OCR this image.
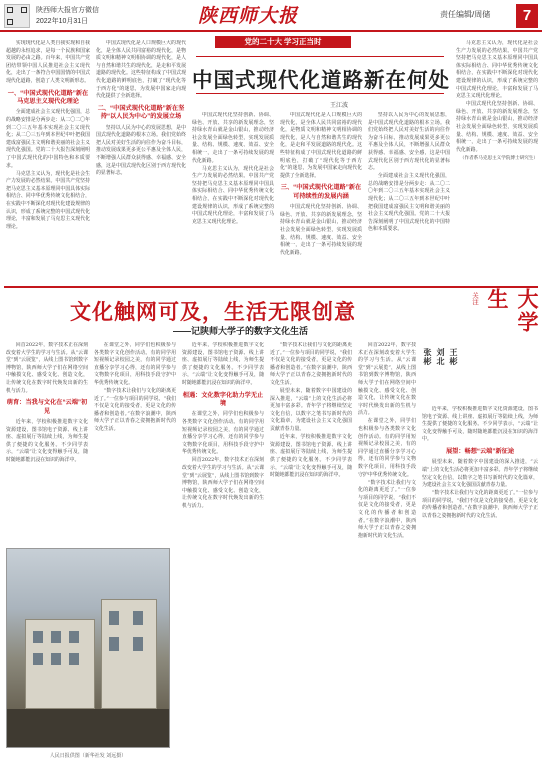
陕西师大报官方微信
2022年10月31日	陕西师大报	责任编辑/周储	7
党的二十大 学习正当时
中国式现代化道路新在何处
王江波

实现现代化是人类自我实现和自我超越的永恒追求，是每一个民族和国家发展的必由之路。百年来，中国共产党团结带领中国人民推进社会主义现代化，走出了一条符合中国国情的中国式现代化道路，创造了人类文明新形态。

一、“中国式现代化道路”新在马克思主义现代化理论

全面建成社会主义现代化强国，总的战略安排是分两步走：从二〇二〇年到二〇三五年基本实现社会主义现代化；从二〇三五年到本世纪中叶把我国建成富强民主文明和谐美丽的社会主义现代化强国。党的二十大报告深刻阐明了中国式现代化的中国特色和本质要求。

马克思主义认为，现代化是社会生产力发展的必然结果。中国共产党坚持把马克思主义基本原理同中国具体实际相结合、同中华优秀传统文化相结合，在实践中不断深化对现代化建设规律的认识，形成了系统完整的中国式现代化理论，丰富和发展了马克思主义现代化理论。

中国式现代化是人口规模巨大的现代化，是全体人民共同富裕的现代化，是物质文明和精神文明相协调的现代化，是人与自然和谐共生的现代化，是走和平发展道路的现代化。这些特征构成了中国式现代化道路的鲜明底色，打破了“现代化等于西方化”的迷思，为发展中国家走向现代化提供了全新选择。

二、“中国式现代化道路”新在坚持“以人民为中心”的发展立场

坚持以人民为中心的发展思想，是中国式现代化道路的根本立场。我们党始终把人民对美好生活的向往作为奋斗目标，推动发展成果更多更公平惠及全体人民，不断增强人民群众获得感、幸福感、安全感，这是中国式现代化区别于西方现代化的显著标志。

中国式现代化坚持创新、协调、绿色、开放、共享的新发展理念，坚持绿水青山就是金山银山，推动经济社会发展全面绿色转型，实现发展质量、结构、规模、速度、效益、安全相统一，走出了一条可持续发展的现代化新路。

马克思主义认为，现代化是社会生产力发展的必然结果。中国共产党坚持把马克思主义基本原理同中国具体实际相结合、同中华优秀传统文化相结合，在实践中不断深化对现代化建设规律的认识，形成了系统完整的中国式现代化理论，丰富和发展了马克思主义现代化理论。

中国式现代化是人口规模巨大的现代化，是全体人民共同富裕的现代化，是物质文明和精神文明相协调的现代化，是人与自然和谐共生的现代化，是走和平发展道路的现代化。这些特征构成了中国式现代化道路的鲜明底色，打破了“现代化等于西方化”的迷思，为发展中国家走向现代化提供了全新选择。

三、“中国式现代化道路”新在可持续性的发展内涵

中国式现代化坚持创新、协调、绿色、开放、共享的新发展理念，坚持绿水青山就是金山银山，推动经济社会发展全面绿色转型，实现发展质量、结构、规模、速度、效益、安全相统一，走出了一条可持续发展的现代化新路。

坚持以人民为中心的发展思想，是中国式现代化道路的根本立场。我们党始终把人民对美好生活的向往作为奋斗目标，推动发展成果更多更公平惠及全体人民，不断增强人民群众获得感、幸福感、安全感，这是中国式现代化区别于西方现代化的显著标志。

全面建成社会主义现代化强国，总的战略安排是分两步走：从二〇二〇年到二〇三五年基本实现社会主义现代化；从二〇三五年到本世纪中叶把我国建成富强民主文明和谐美丽的社会主义现代化强国。党的二十大报告深刻阐明了中国式现代化的中国特色和本质要求。

马克思主义认为，现代化是社会生产力发展的必然结果。中国共产党坚持把马克思主义基本原理同中国具体实际相结合、同中华优秀传统文化相结合，在实践中不断深化对现代化建设规律的认识，形成了系统完整的中国式现代化理论，丰富和发展了马克思主义现代化理论。

中国式现代化坚持创新、协调、绿色、开放、共享的新发展理念，坚持绿水青山就是金山银山，推动经济社会发展全面绿色转型，实现发展质量、结构、规模、速度、效益、安全相统一，走出了一条可持续发展的现代化新路。

（作者系马克思主义学院博士研究生）

文化触网可及，生活无限创意
——记陕师大学子的数字文化生活
关注	大学生
王彬
刘北
张彬

回首2022年，数字技术正在深刻改变着大学生的学习与生活。从“云课堂”到“云展览”，从线上图书馆到数字博物馆，陕西师大学子们在网络空间中触摸文化、感受文化、创造文化，让传统文化在数字时代焕发出新的生机与活力。

萌育：当我与文化在“云端”初见

近年来，学校积极推进数字文化资源建设，图书馆电子资源、线上讲座、虚拟展厅等陆续上线，为师生提供了便捷的文化服务。不少同学表示，“云端”让文化变得触手可及，随时随地都能沉浸在知识的海洋中。

在课堂之外，同学们也积极参与各类数字文化创作活动。有的同学用短视频记录校园之美，有的同学通过直播分享学习心得，还有的同学参与文物数字化项目，用科技手段守护中华优秀传统文化。

“数字技术让我们与文化的距离更近了。”一位参与项目的同学说，“我们不仅是文化的接受者，更是文化的传播者和创造者。”在数字浪潮中，陕西师大学子正以青春之姿拥抱新时代的文化生活。

近年来，学校积极推进数字文化资源建设，图书馆电子资源、线上讲座、虚拟展厅等陆续上线，为师生提供了便捷的文化服务。不少同学表示，“云端”让文化变得触手可及，随时随地都能沉浸在知识的海洋中。

相遇：文化数字化助力学无止境

在课堂之外，同学们也积极参与各类数字文化创作活动。有的同学用短视频记录校园之美，有的同学通过直播分享学习心得，还有的同学参与文物数字化项目，用科技手段守护中华优秀传统文化。

回首2022年，数字技术正在深刻改变着大学生的学习与生活。从“云课堂”到“云展览”，从线上图书馆到数字博物馆，陕西师大学子们在网络空间中触摸文化、感受文化、创造文化，让传统文化在数字时代焕发出新的生机与活力。

“数字技术让我们与文化的距离更近了。”一位参与项目的同学说，“我们不仅是文化的接受者，更是文化的传播者和创造者。”在数字浪潮中，陕西师大学子正以青春之姿拥抱新时代的文化生活。

展望未来，随着数字中国建设的深入推进，“云端”上的文化生活必将更加丰富多彩。青年学子将继续坚定文化自信，以数字之笔书写新时代的文化篇章，为建设社会主义文化强国贡献青春力量。

近年来，学校积极推进数字文化资源建设，图书馆电子资源、线上讲座、虚拟展厅等陆续上线，为师生提供了便捷的文化服务。不少同学表示，“云端”让文化变得触手可及，随时随地都能沉浸在知识的海洋中。

回首2022年，数字技术正在深刻改变着大学生的学习与生活。从“云课堂”到“云展览”，从线上图书馆到数字博物馆，陕西师大学子们在网络空间中触摸文化、感受文化、创造文化，让传统文化在数字时代焕发出新的生机与活力。

在课堂之外，同学们也积极参与各类数字文化创作活动。有的同学用短视频记录校园之美，有的同学通过直播分享学习心得，还有的同学参与文物数字化项目，用科技手段守护中华优秀传统文化。

“数字技术让我们与文化的距离更近了。”一位参与项目的同学说，“我们不仅是文化的接受者，更是文化的传播者和创造者。”在数字浪潮中，陕西师大学子正以青春之姿拥抱新时代的文化生活。

近年来，学校积极推进数字文化资源建设，图书馆电子资源、线上讲座、虚拟展厅等陆续上线，为师生提供了便捷的文化服务。不少同学表示，“云端”让文化变得触手可及，随时随地都能沉浸在知识的海洋中。

展望：畅想“云端”新征途

展望未来，随着数字中国建设的深入推进，“云端”上的文化生活必将更加丰富多彩。青年学子将继续坚定文化自信，以数字之笔书写新时代的文化篇章，为建设社会主义文化强国贡献青春力量。

“数字技术让我们与文化的距离更近了。”一位参与项目的同学说，“我们不仅是文化的接受者，更是文化的传播者和创造者。”在数字浪潮中，陕西师大学子正以青春之姿拥抱新时代的文化生活。

人民日报供图（新华社发 刘远摄）
